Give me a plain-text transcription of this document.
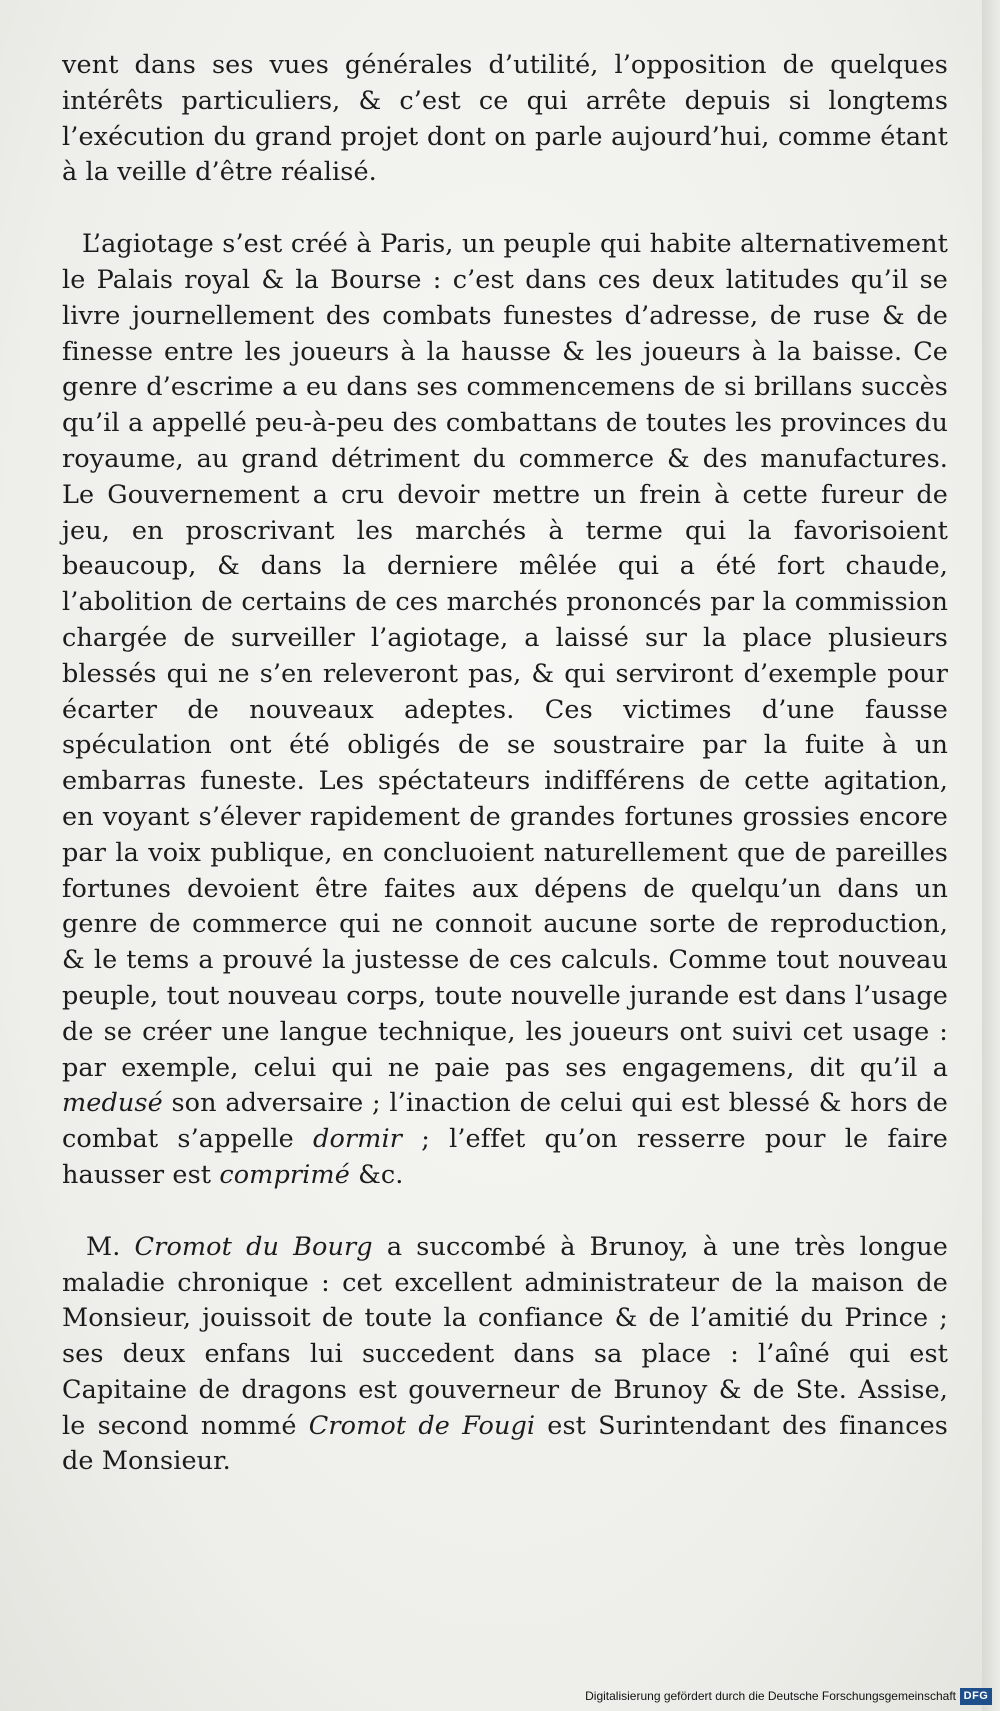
vent dans ses vues générales d’utilité, l’opposition de quelques intérêts particuliers, & c’est ce qui arrête depuis si longtems l’exécution du grand projet dont on parle aujourd’hui, comme étant à la veille d’être réalisé.

L’agiotage s’est créé à Paris, un peuple qui habite alternativement le Palais royal & la Bourse : c’est dans ces deux latitudes qu’il se livre journellement des combats funestes d’adresse, de ruse & de finesse entre les joueurs à la hausse & les joueurs à la baisse. Ce genre d’escrime a eu dans ses commencemens de si brillans succès qu’il a appellé peu-à-peu des combattans de toutes les provinces du royaume, au grand détriment du commerce & des manufactures. Le Gouvernement a cru devoir mettre un frein à cette fureur de jeu, en proscrivant les marchés à terme qui la favorisoient beaucoup, & dans la derniere mêlée qui a été fort chaude, l’abolition de certains de ces marchés prononcés par la commission chargée de surveiller l’agiotage, a laissé sur la place plusieurs blessés qui ne s’en releveront pas, & qui serviront d’exemple pour écarter de nouveaux adeptes. Ces victimes d’une fausse spéculation ont été obligés de se soustraire par la fuite à un embarras funeste. Les spéctateurs indifférens de cette agitation, en voyant s’élever rapidement de grandes fortunes grossies encore par la voix publique, en concluoient naturellement que de pareilles fortunes devoient être faites aux dépens de quelqu’un dans un genre de commerce qui ne connoit aucune sorte de reproduction, & le tems a prouvé la justesse de ces calculs. Comme tout nouveau peuple, tout nouveau corps, toute nouvelle jurande est dans l’usage de se créer une langue technique, les joueurs ont suivi cet usage : par exemple, celui qui ne paie pas ses engagemens, dit qu’il a medusé son adversaire ; l’inaction de celui qui est blessé & hors de combat s’appelle dormir ; l’effet qu’on resserre pour le faire hausser est comprimé &c.

M. Cromot du Bourg a succombé à Brunoy, à une très longue maladie chronique : cet excellent administrateur de la maison de Monsieur, jouissoit de toute la confiance & de l’amitié du Prince ; ses deux enfans lui succedent dans sa place : l’aîné qui est Capitaine de dragons est gouverneur de Brunoy & de Ste. Assise, le second nommé Cromot de Fougi est Surintendant des finances de Monsieur.

Digitalisierung gefördert durch die Deutsche Forschungsgemeinschaft DFG
